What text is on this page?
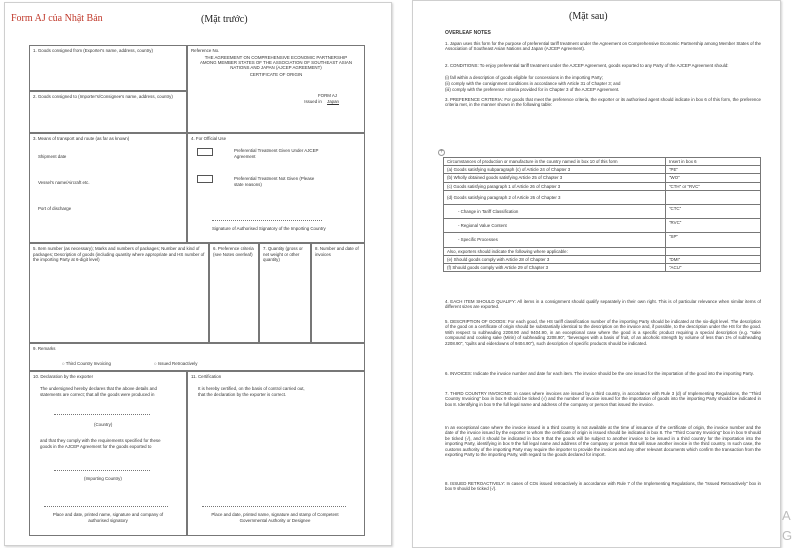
Form AJ của Nhật Bản	(Mặt trước)
1. Goods consigned from (Exporter's name, address, country)	Reference No.
THE AGREEMENT ON COMPREHENSIVE ECONOMIC PARTNERSHIP AMONG MEMBER STATES OF THE ASSOCIATION OF SOUTHEAST ASIAN NATIONS AND JAPAN (AJCEP AGREEMENT)
CERTIFICATE OF ORIGIN
FORM AJ
Issued in Japan
2. Goods consigned to (Importer's/Consignee's name, address, country)
3. Means of transport and route (as far as known)
Shipment date
Vessel's name/Aircraft etc.
Port of discharge
4. For Official Use
Preferential Treatment Given Under AJCEP Agreement
Preferential Treatment Not Given (Please state reasons)
Signature of Authorised Signatory of the Importing Country
5. Item number (as necessary); Marks and numbers of packages; Number and kind of packages; Description of goods (including quantity where appropriate and HS number of the importing Party at 6-digit level)
6. Preference criteria (see Notes overleaf)
7. Quantity (gross or net weight or other quantity)
8. Number and date of invoices
9. Remarks
○ Third Country Invoicing	○ Issued Retroactively
10. Declaration by the exporter
The undersigned hereby declares that the above details and statements are correct; that all the goods were produced in
(Country)
and that they comply with the requirements specified for these goods in the AJCEP Agreement for the goods exported to
(Importing Country)
Place and date, printed name, signature and company of authorised signatory
11. Certification
It is hereby certified, on the basis of control carried out, that the declaration by the exporter is correct.
Place and date, printed name, signature and stamp of Competent Governmental Authority or Designee
(Mặt sau)
OVERLEAF NOTES
1. Japan uses this form for the purpose of preferential tariff treatment under the Agreement on Comprehensive Economic Partnership among Member States of the Association of Southeast Asian Nations and Japan (AJCEP Agreement).
2. CONDITIONS: To enjoy preferential tariff treatment under the AJCEP Agreement, goods exported to any Party of the AJCEP Agreement should:
(i) fall within a description of goods eligible for concessions in the importing Party;
(ii) comply with the consignment conditions in accordance with Article 31 of Chapter 3; and
(iii) comply with the preference criteria provided for in Chapter 3 of the AJCEP Agreement.
3. PREFERENCE CRITERIA: For goods that meet the preference criteria, the exporter or its authorised agent should indicate in box 6 of this form, the preference criteria met, in the manner shown in the following table:
+
Circumstances of production or manufacture in the country named in box 10 of this form	Insert in box 6
(a) Goods satisfying subparagraph (c) of Article 24 of Chapter 3	"PE"
(b) Wholly obtained goods satisfying Article 25 of Chapter 3	"WO"
(c) Goods satisfying paragraph 1 of Article 26 of Chapter 3	"CTH" or "RVC"
(d) Goods satisfying paragraph 2 of Article 26 of Chapter 3	
- Change in Tariff Classification	"CTC"
- Regional Value Content	"RVC"
- Specific Processes	"SP"
Also, exporters should indicate the following where applicable:	
(e) Should goods comply with Article 28 of Chapter 3	"DMI"
(f) Should goods comply with Article 29 of Chapter 3	"ACU"
4. EACH ITEM SHOULD QUALIFY: All items in a consignment should qualify separately in their own right. This is of particular relevance when similar items of different sizes are exported.
5. DESCRIPTION OF GOODS: For each good, the HS tariff classification number of the importing Party should be indicated at the six-digit level. The description of the good on a certificate of origin should be substantially identical to the description on the invoice and, if possible, to the description under the HS for the good. With respect to subheading 2208.90 and 9404.90, in an exceptional case where the good is a specific product requiring a special description (e.g. "sake compound and cooking sake (Mirin) of subheading 2208.90", "beverages with a basis of fruit, of an alcoholic strength by volume of less than 1% of subheading 2208.90", "quilts and eiderdowns of 9404.90"), such description of specific products should be indicated.
6. INVOICES: Indicate the invoice number and date for each item. The invoice should be the one issued for the importation of the good into the importing Party.
7. THIRD COUNTRY INVOICING: In cases where invoices are issued by a third country, in accordance with Rule 3 (d) of Implementing Regulations, the "Third Country Invoicing" box in box 9 should be ticked (√) and the number of invoice issued for the importation of goods into the importing Party should be indicated in box 8. Identifying in box 9 the full legal name and address of the company or person that issued the invoice.
In an exceptional case where the invoice issued in a third country is not available at the time of issuance of the certificate of origin, the invoice number and the date of the invoice issued by the exporter to whom the certificate of origin is issued should be indicated in box 8. The "Third Country Invoicing" box in box 9 should be ticked (√), and it should be indicated in box 9 that the goods will be subject to another invoice to be issued in a third country for the importation into the importing Party, identifying in box 9 the full legal name and address of the company or person that will issue another invoice in the third country. In such case, the customs authority of the importing Party may require the importer to provide the invoices and any other relevant documents which confirm the transaction from the exporting Party to the importing Party, with regard to the goods declared for import.
8. ISSUED RETROACTIVELY: In cases of COs issued retroactively in accordance with Rule 7 of the Implementing Regulations, the "Issued Retroactively" box in box 9 should be ticked (√).
A
G
